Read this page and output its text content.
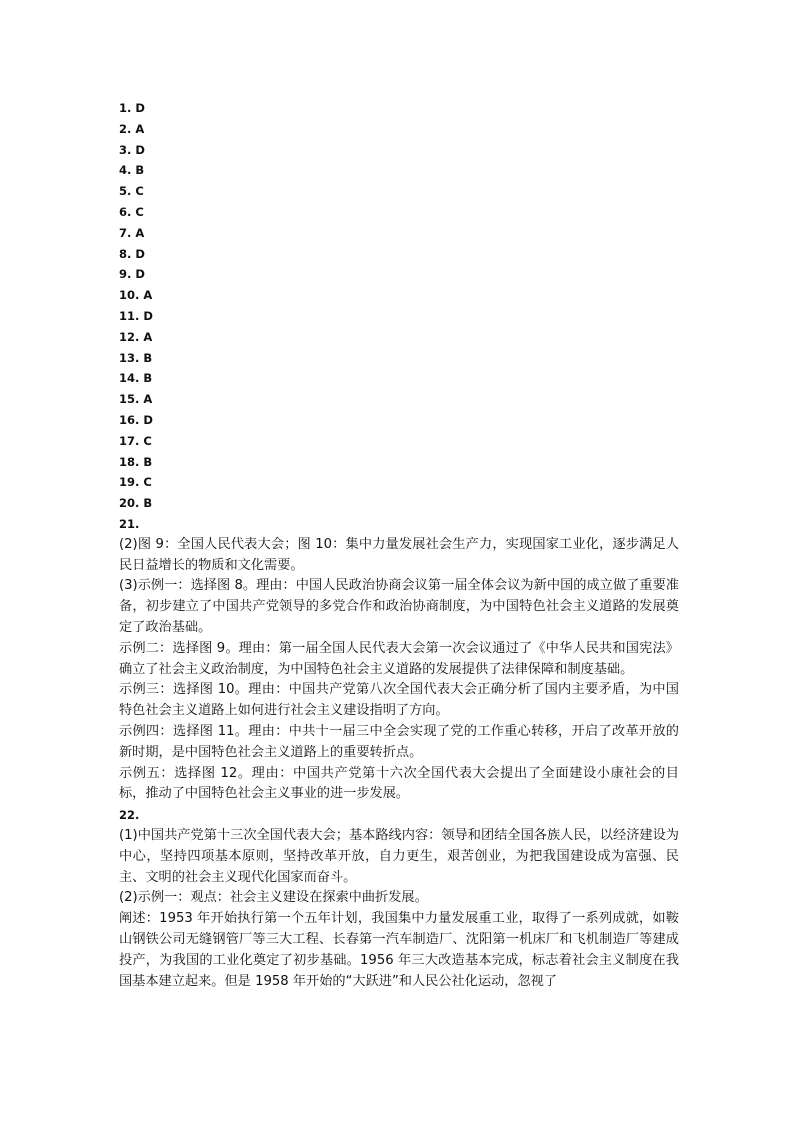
1. D
2. A
3. D
4. B
5. C
6. C
7. A
8. D
9. D
10. A
11. D
12. A
13. B
14. B
15. A
16. D
17. C
18. B
19. C
20. B

21.

(2)图 9：全国人民代表大会；图 10：集中力量发展社会生产力，实现国家工业化，逐步满足人民日益增长的物质和文化需要。

(3)示例一：选择图 8。理由：中国人民政治协商会议第一届全体会议为新中国的成立做了重要准备，初步建立了中国共产党领导的多党合作和政治协商制度，为中国特色社会主义道路的发展奠定了政治基础。

示例二：选择图 9。理由：第一届全国人民代表大会第一次会议通过了《中华人民共和国宪法》确立了社会主义政治制度，为中国特色社会主义道路的发展提供了法律保障和制度基础。

示例三：选择图 10。理由：中国共产党第八次全国代表大会正确分析了国内主要矛盾，为中国特色社会主义道路上如何进行社会主义建设指明了方向。

示例四：选择图 11。理由：中共十一届三中全会实现了党的工作重心转移，开启了改革开放的新时期，是中国特色社会主义道路上的重要转折点。

示例五：选择图 12。理由：中国共产党第十六次全国代表大会提出了全面建设小康社会的目标，推动了中国特色社会主义事业的进一步发展。

22.

(1)中国共产党第十三次全国代表大会；基本路线内容：领导和团结全国各族人民，以经济建设为中心，坚持四项基本原则，坚持改革开放，自力更生，艰苦创业，为把我国建设成为富强、民主、文明的社会主义现代化国家而奋斗。

(2)示例一：观点：社会主义建设在探索中曲折发展。

阐述：1953 年开始执行第一个五年计划，我国集中力量发展重工业，取得了一系列成就，如鞍山钢铁公司无缝钢管厂等三大工程、长春第一汽车制造厂、沈阳第一机床厂和飞机制造厂等建成投产，为我国的工业化奠定了初步基础。1956 年三大改造基本完成，标志着社会主义制度在我国基本建立起来。但是 1958 年开始的“大跃进”和人民公社化运动，忽视了
